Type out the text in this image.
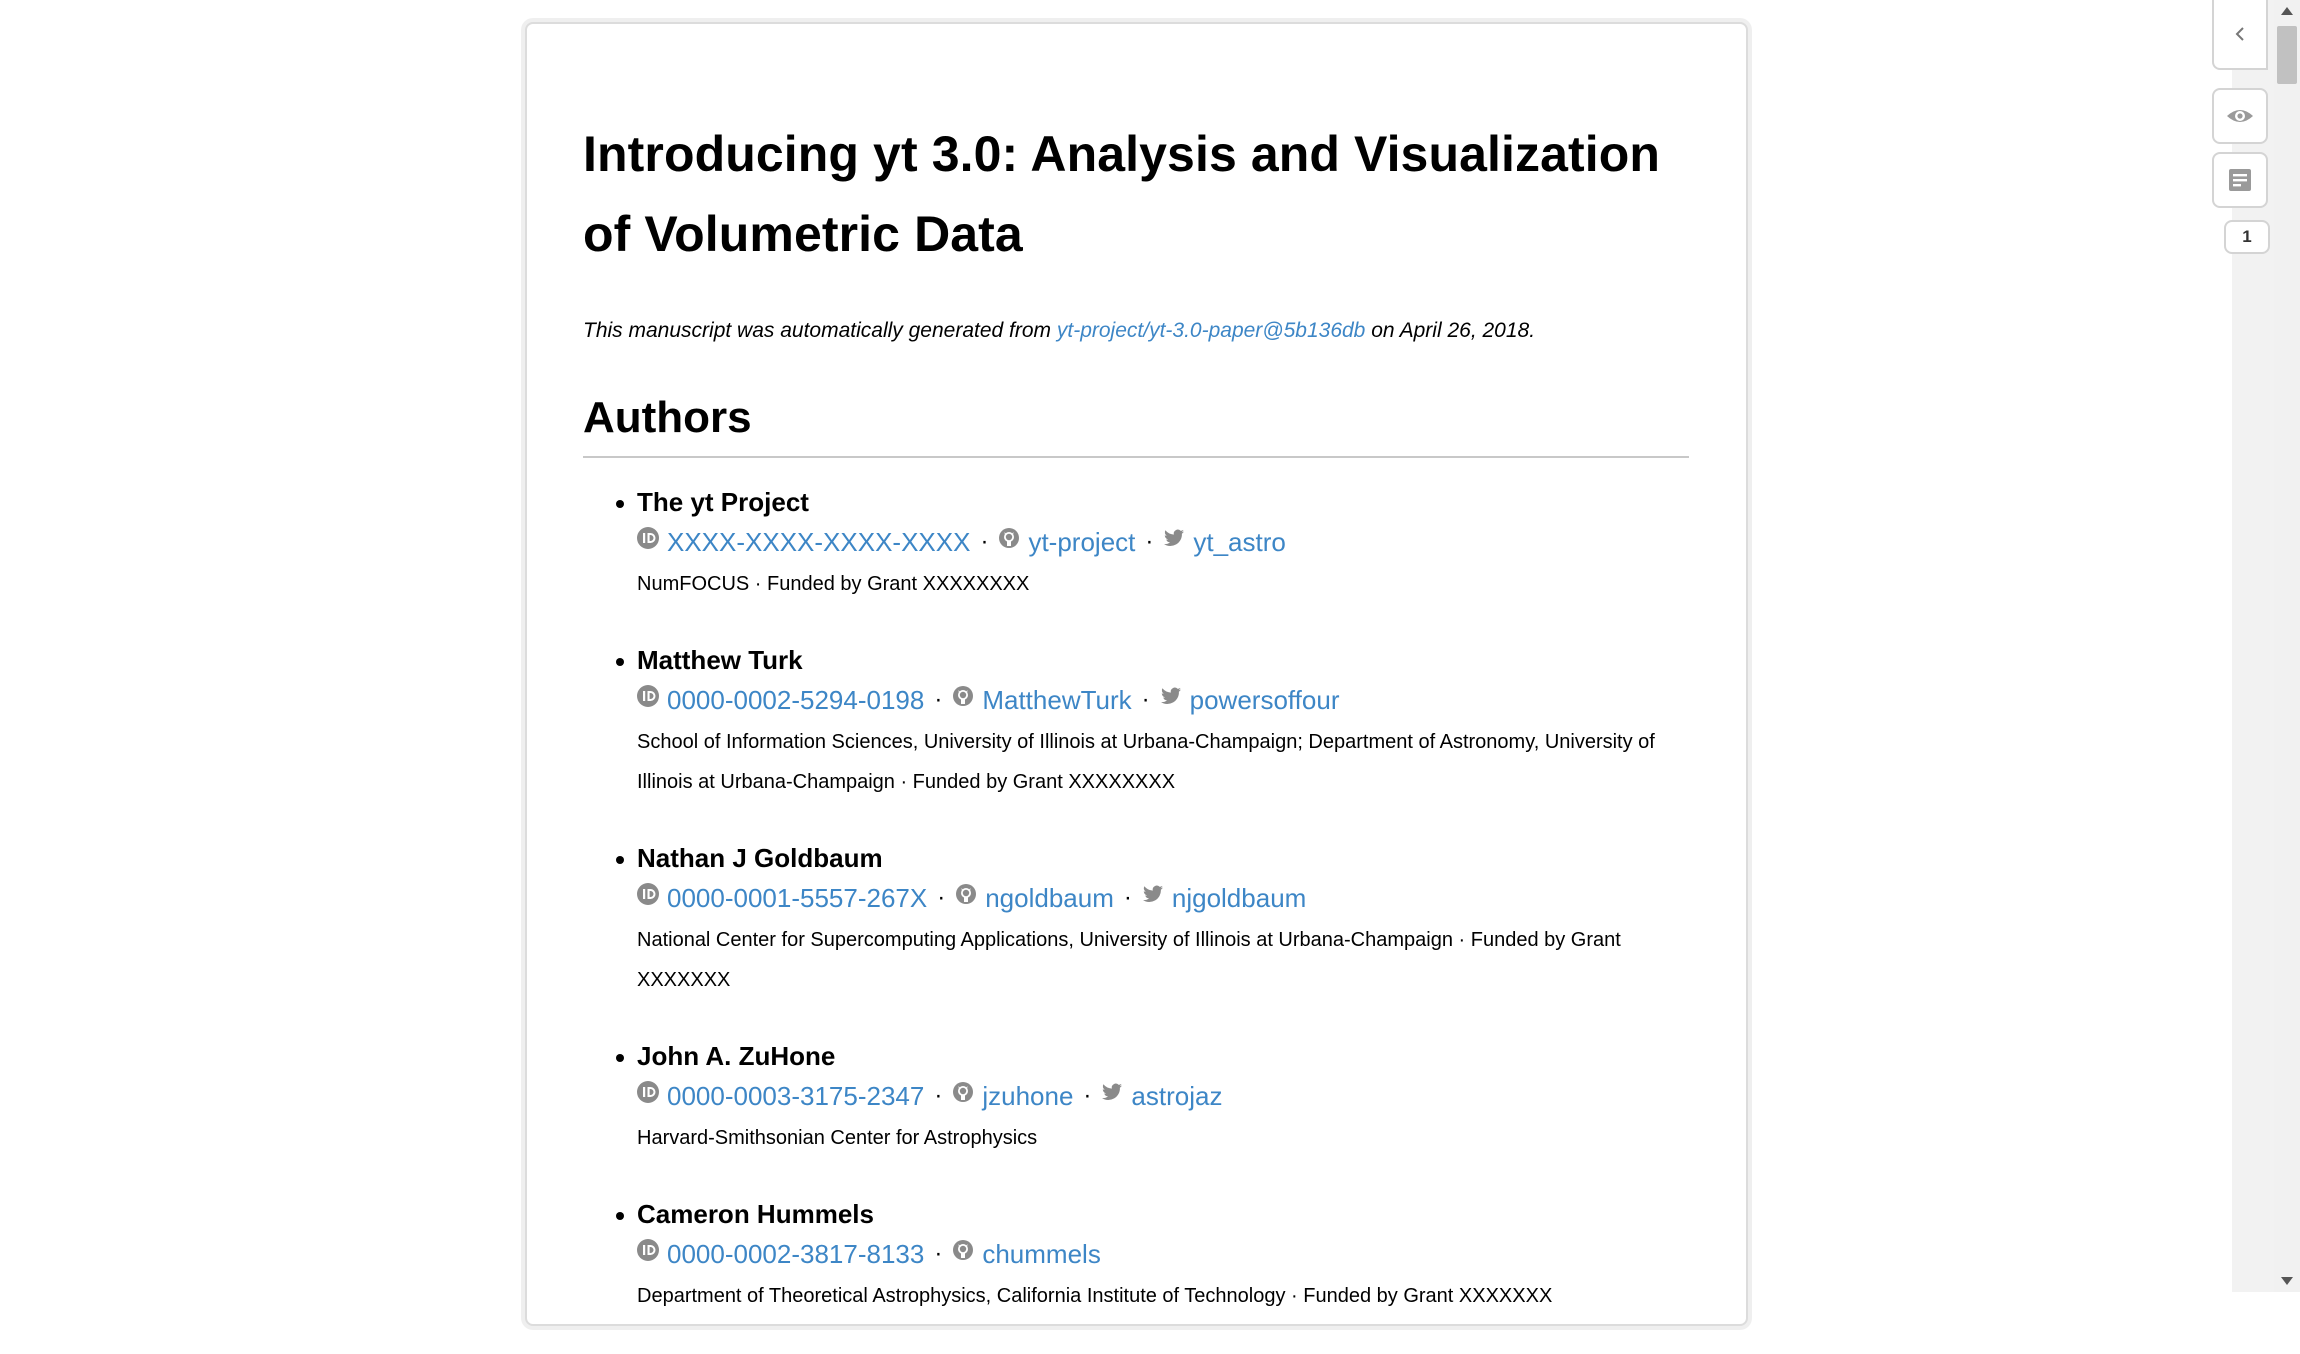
Introducing yt 3.0: Analysis and Visualization of Volumetric Data
This manuscript was automatically generated from yt-project/yt-3.0-paper@5b136db on April 26, 2018.
Authors
The yt Project
XXXX-XXXX-XXXX-XXXX · yt-project · yt_astro
NumFOCUS · Funded by Grant XXXXXXXX
Matthew Turk
0000-0002-5294-0198 · MatthewTurk · powersoffour
School of Information Sciences, University of Illinois at Urbana-Champaign; Department of Astronomy, University of Illinois at Urbana-Champaign · Funded by Grant XXXXXXXX
Nathan J Goldbaum
0000-0001-5557-267X · ngoldbaum · njgoldbaum
National Center for Supercomputing Applications, University of Illinois at Urbana-Champaign · Funded by Grant XXXXXXX
John A. ZuHone
0000-0003-3175-2347 · jzuhone · astrojaz
Harvard-Smithsonian Center for Astrophysics
Cameron Hummels
0000-0002-3817-8133 · chummels
Department of Theoretical Astrophysics, California Institute of Technology · Funded by Grant XXXXXXX
1
